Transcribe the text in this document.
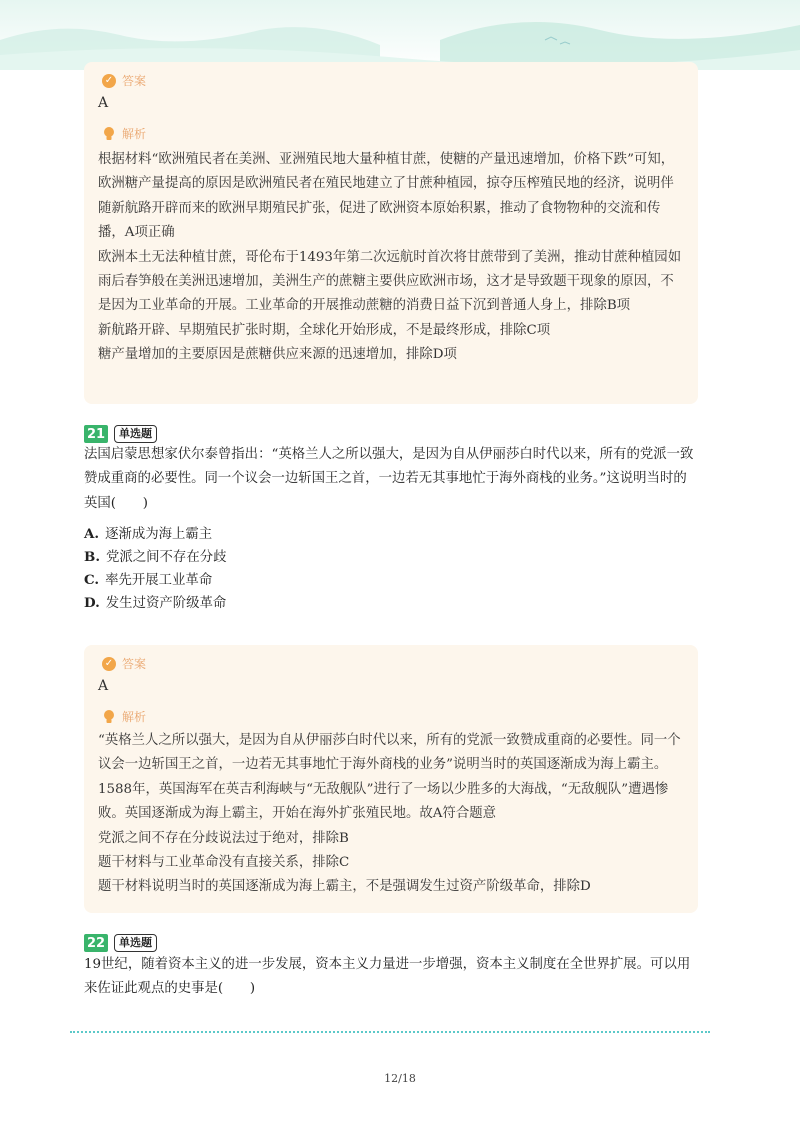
✓ 答案

A

解析

根据材料“欧洲殖民者在美洲、亚洲殖民地大量种植甘蔗，使糖的产量迅速增加，价格下跌”可知，欧洲糖产量提高的原因是欧洲殖民者在殖民地建立了甘蔗种植园，掠夺压榨殖民地的经济，说明伴随新航路开辟而来的欧洲早期殖民扩张，促进了欧洲资本原始积累，推动了食物物种的交流和传播，A项正确

欧洲本土无法种植甘蔗，哥伦布于1493年第二次远航时首次将甘蔗带到了美洲，推动甘蔗种植园如雨后春笋般在美洲迅速增加，美洲生产的蔗糖主要供应欧洲市场，这才是导致题干现象的原因，不是因为工业革命的开展。工业革命的开展推动蔗糖的消费日益下沉到普通人身上，排除B项

新航路开辟、早期殖民扩张时期，全球化开始形成，不是最终形成，排除C项

糖产量增加的主要原因是蔗糖供应来源的迅速增加，排除D项

21	单选题

法国启蒙思想家伏尔泰曾指出：“英格兰人之所以强大，是因为自从伊丽莎白时代以来，所有的党派一致赞成重商的必要性。同一个议会一边斩国王之首，一边若无其事地忙于海外商栈的业务。”这说明当时的英国(　　)

A. 逐渐成为海上霸主
B. 党派之间不存在分歧
C. 率先开展工业革命
D. 发生过资产阶级革命
✓ 答案

A

解析

“英格兰人之所以强大，是因为自从伊丽莎白时代以来，所有的党派一致赞成重商的必要性。同一个议会一边斩国王之首，一边若无其事地忙于海外商栈的业务”说明当时的英国逐渐成为海上霸主。1588年，英国海军在英吉利海峡与“无敌舰队”进行了一场以少胜多的大海战，“无敌舰队”遭遇惨败。英国逐渐成为海上霸主，开始在海外扩张殖民地。故A符合题意

党派之间不存在分歧说法过于绝对，排除B

题干材料与工业革命没有直接关系，排除C

题干材料说明当时的英国逐渐成为海上霸主，不是强调发生过资产阶级革命，排除D

22	单选题

19世纪，随着资本主义的进一步发展，资本主义力量进一步增强，资本主义制度在全世界扩展。可以用来佐证此观点的史事是(　　)

12/18
